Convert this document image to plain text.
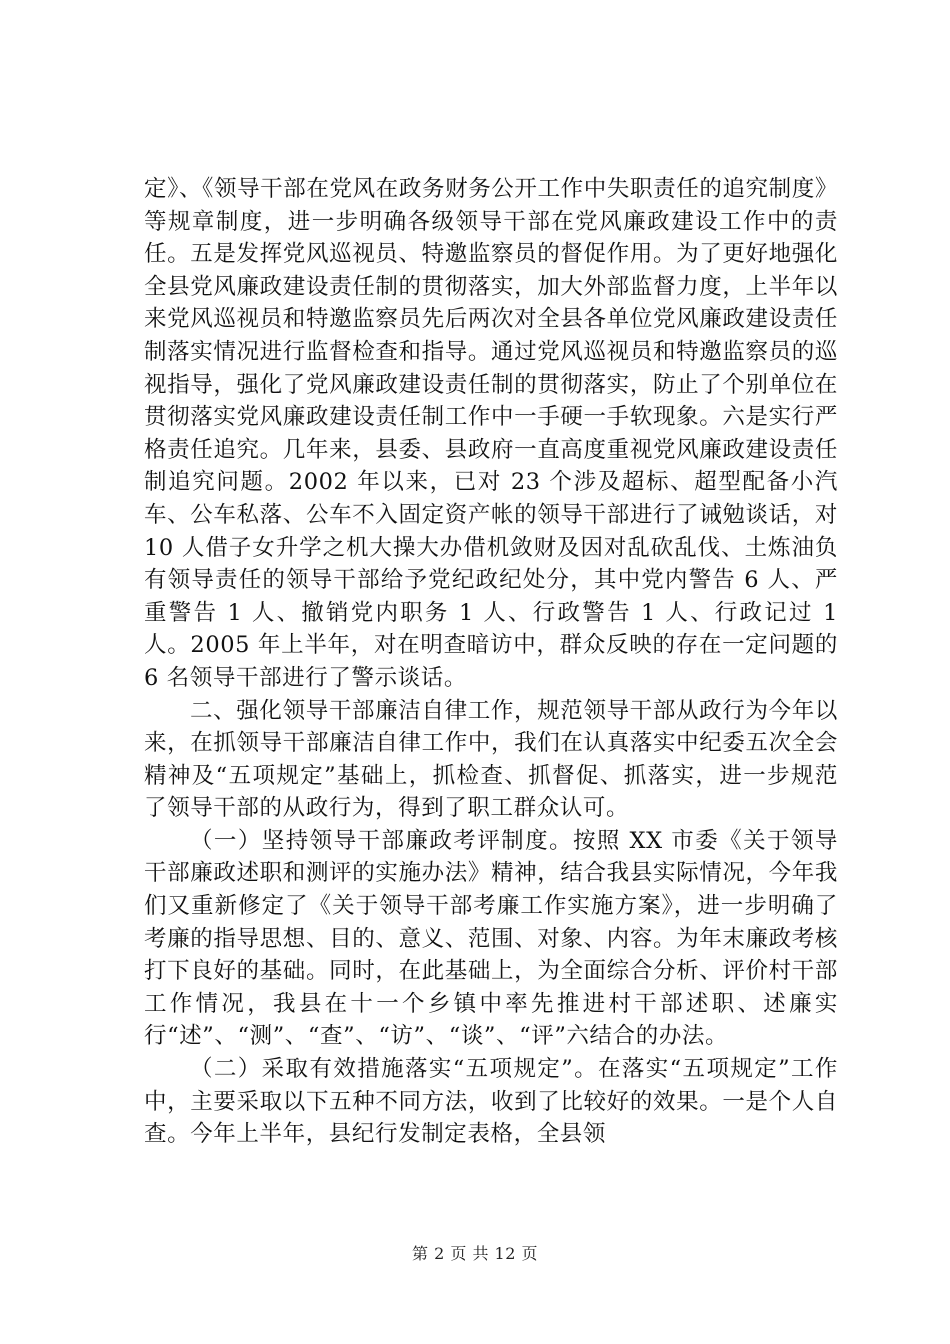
定》、《领导干部在党风在政务财务公开工作中失职责任的追究制度》等规章制度，进一步明确各级领导干部在党风廉政建设工作中的责任。五是发挥党风巡视员、特邀监察员的督促作用。为了更好地强化全县党风廉政建设责任制的贯彻落实，加大外部监督力度，上半年以来党风巡视员和特邀监察员先后两次对全县各单位党风廉政建设责任制落实情况进行监督检查和指导。通过党风巡视员和特邀监察员的巡视指导，强化了党风廉政建设责任制的贯彻落实，防止了个别单位在贯彻落实党风廉政建设责任制工作中一手硬一手软现象。六是实行严格责任追究。几年来，县委、县政府一直高度重视党风廉政建设责任制追究问题。2002 年以来，已对 23 个涉及超标、超型配备小汽车、公车私落、公车不入固定资产帐的领导干部进行了诫勉谈话，对 10 人借子女升学之机大操大办借机敛财及因对乱砍乱伐、土炼油负有领导责任的领导干部给予党纪政纪处分，其中党内警告 6 人、严重警告 1 人、撤销党内职务 1 人、行政警告 1 人、行政记过 1 人。2005 年上半年，对在明查暗访中，群众反映的存在一定问题的 6 名领导干部进行了警示谈话。

二、强化领导干部廉洁自律工作，规范领导干部从政行为今年以来，在抓领导干部廉洁自律工作中，我们在认真落实中纪委五次全会精神及“五项规定”基础上，抓检查、抓督促、抓落实，进一步规范了领导干部的从政行为，得到了职工群众认可。

（一）坚持领导干部廉政考评制度。按照 XX 市委《关于领导干部廉政述职和测评的实施办法》精神，结合我县实际情况，今年我们又重新修定了《关于领导干部考廉工作实施方案》，进一步明确了考廉的指导思想、目的、意义、范围、对象、内容。为年末廉政考核打下良好的基础。同时，在此基础上，为全面综合分析、评价村干部工作情况，我县在十一个乡镇中率先推进村干部述职、述廉实行“述”、“测”、“查”、“访”、“谈”、“评”六结合的办法。

（二）采取有效措施落实“五项规定”。在落实“五项规定”工作中，主要采取以下五种不同方法，收到了比较好的效果。一是个人自查。今年上半年，县纪行发制定表格，全县领

第 2 页 共 12 页
